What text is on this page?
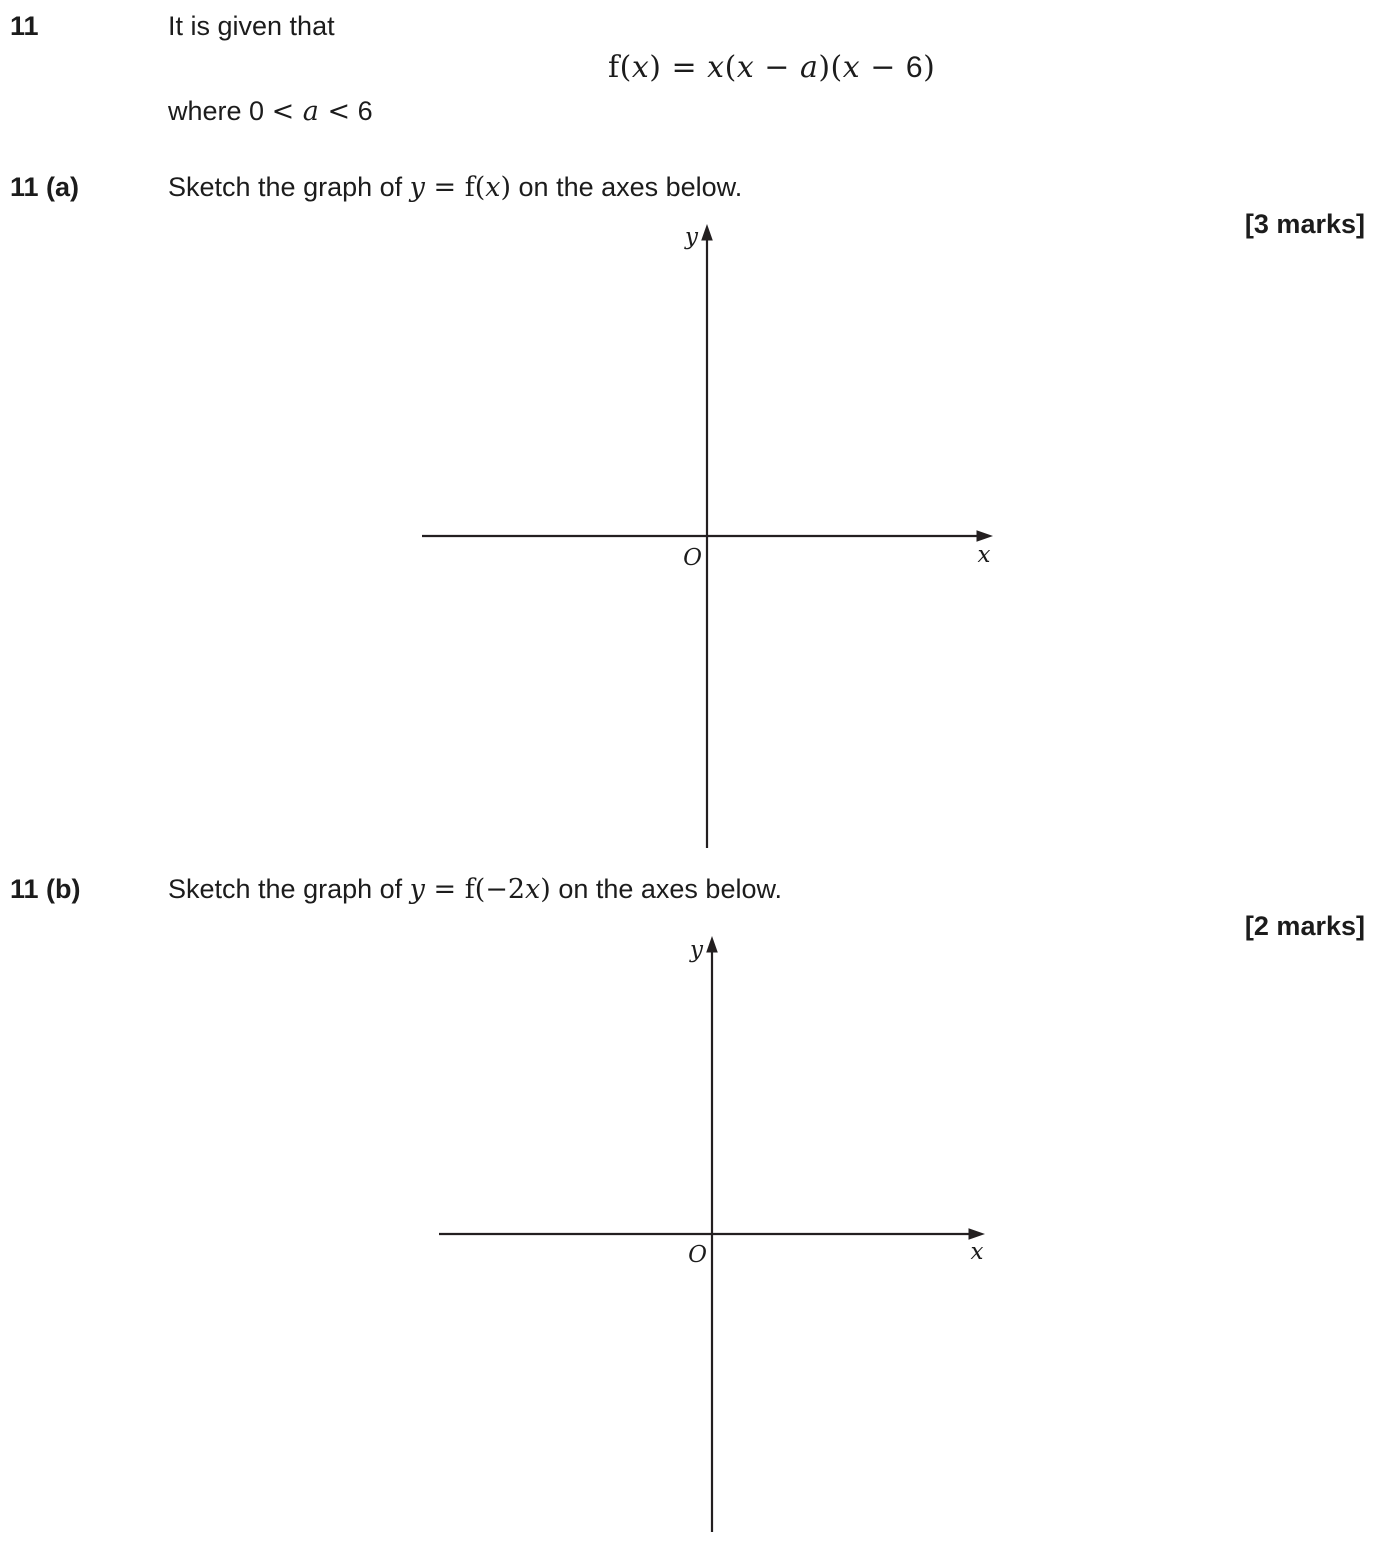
11	It is given that
f(x) = x(x − a)(x − 6)
where 0 < a < 6
11 (a)	Sketch the graph of y = f(x) on the axes below.
[3 marks]
y
O	x
11 (b)	Sketch the graph of y = f(−2x) on the axes below.
[2 marks]
y
O	x
